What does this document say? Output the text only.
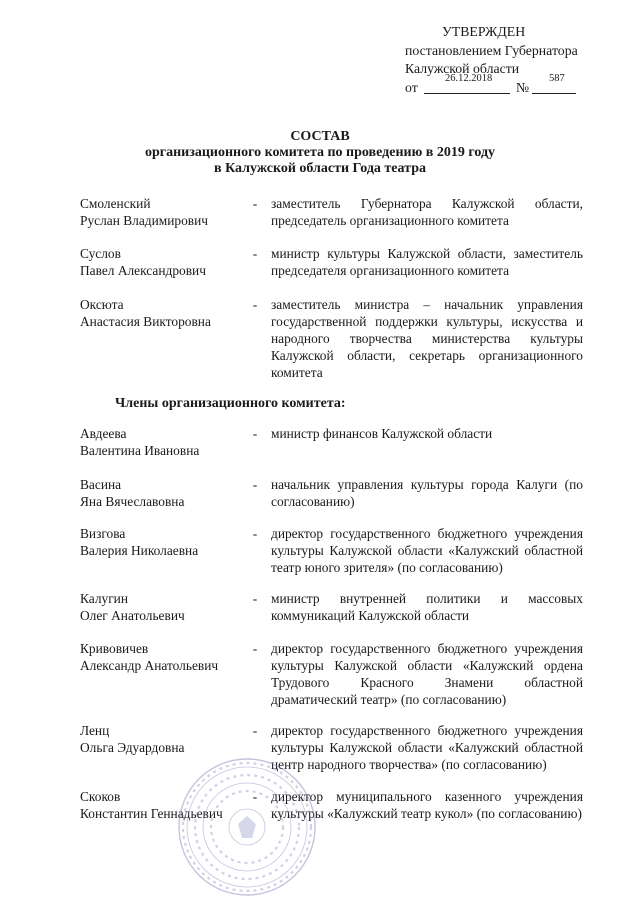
УТВЕРЖДЕН
постановлением Губернатора
Калужской области
от
26.12.2018
№
587
СОСТАВ
организационного комитета по проведению в 2019 году
в Калужской области Года театра
Смоленский
Руслан Владимирович
- заместитель Губернатора Калужской области, председатель организационного комитета
Суслов
Павел Александрович
- министр культуры Калужской области, заместитель председателя организационного комитета
Оксюта
Анастасия Викторовна
- заместитель министра – начальник управления государственной поддержки культуры, искусства и народного творчества министерства культуры Калужской области, секретарь организационного комитета
Члены организационного комитета:
Авдеева
Валентина Ивановна
- министр финансов Калужской области
Васина
Яна Вячеславовна
- начальник управления культуры города Калуги (по согласованию)
Визгова
Валерия Николаевна
- директор государственного бюджетного учреждения культуры Калужской области «Калужский областной театр юного зрителя» (по согласованию)
Калугин
Олег Анатольевич
- министр внутренней политики и массовых коммуникаций Калужской области
Кривовичев
Александр Анатольевич
- директор государственного бюджетного учреждения культуры Калужской области «Калужский ордена Трудового Красного Знамени областной драматический театр» (по согласованию)
Ленц
Ольга Эдуардовна
- директор государственного бюджетного учреждения культуры Калужской области «Калужский областной центр народного творчества» (по согласованию)
Скоков
Константин Геннадьевич
- директор муниципального казенного учреждения культуры «Калужский театр кукол» (по согласованию)
